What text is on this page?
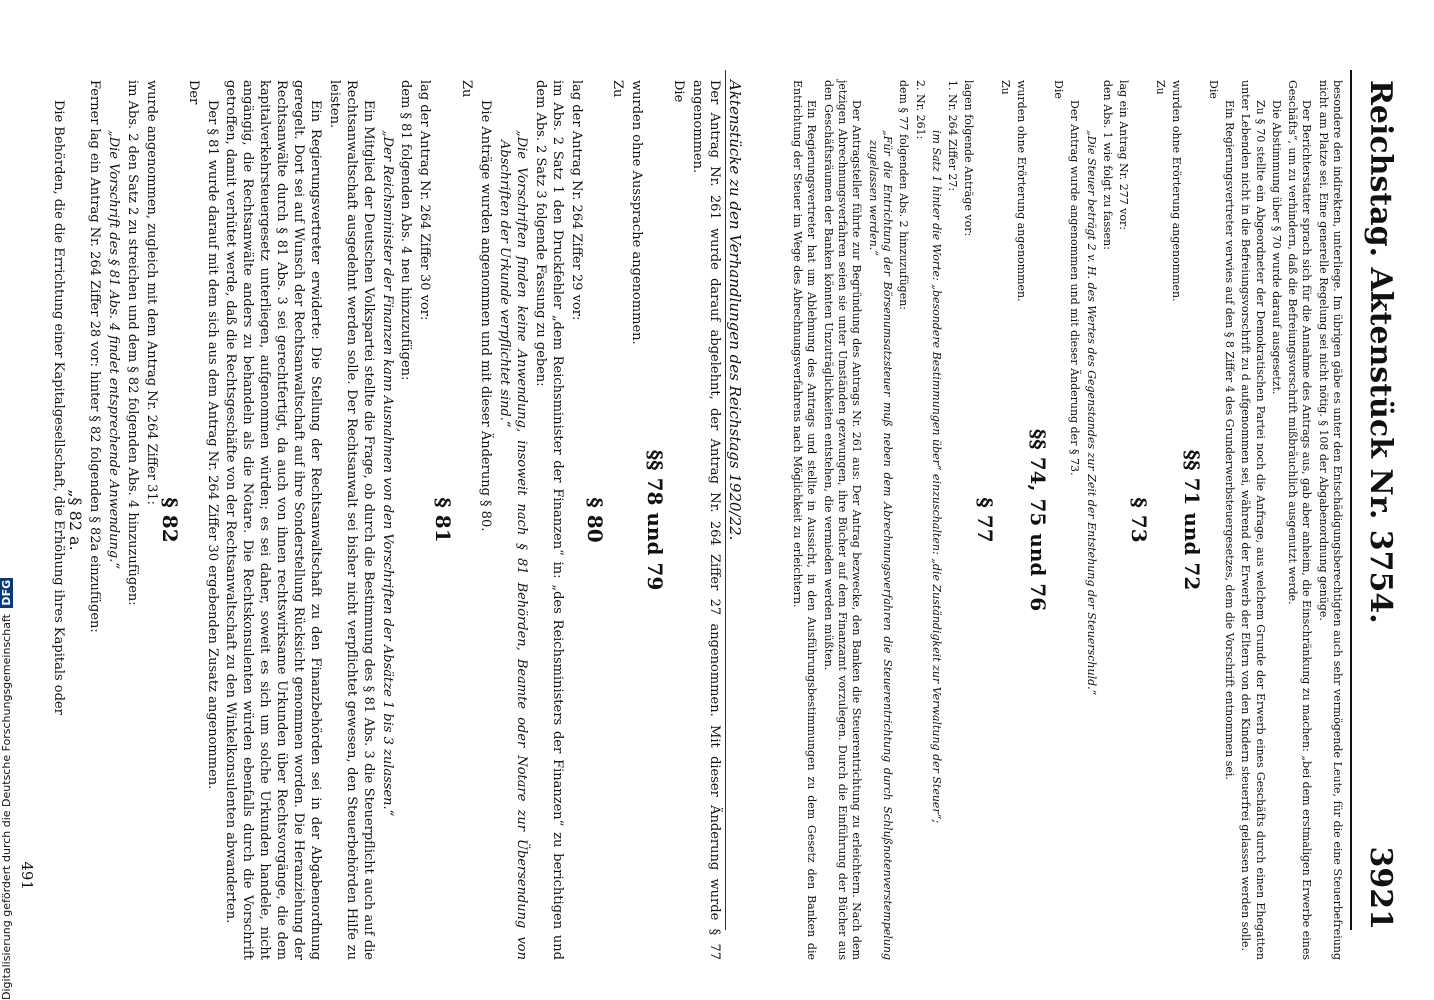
Reichstag. Aktenstück Nr. 3754.
3921

besondere den indirekten, unterliege. Im übrigen gäbe es unter den Entschädigungsberechtigten auch sehr vermögende Leute, für die eine Steuerbefreiung nicht am Platze sei. Eine generelle Regelung sei nicht nötig. § 108 der Abgabenordnung genüge.

Der Berichterstatter sprach sich für die Annahme des Antrags aus, gab aber anheim, die Einschränkung zu machen: „bei dem erstmaligen Erwerbe eines Geschäfts“, um zu verhindern, daß die Befreiungsvorschrift mißbräuchlich ausgenutzt werde.

Die Abstimmung über § 70 wurde darauf ausgesetzt.

Zu § 70 stellte ein Abgeordneter der Demokratischen Partei noch die Anfrage, aus welchem Grunde der Erwerb eines Geschäfts durch einen Ehegatten unter Lebenden nicht in die Befreiungsvorschrift zu d aufgenommen sei, während der Erwerb der Eltern von den Kindern steuerfrei gelassen werden solle.

Ein Regierungsvertreter verwies auf den § 8 Ziffer 4 des Grunderwerbsteuergesetzes, dem die Vorschrift entnommen sei.

Die

§§ 71 und 72

wurden ohne Erörterung angenommen.

Zu

§ 73

lag ein Antrag Nr. 277 vor:

den Abs. 1 wie folgt zu fassen:

„Die Steuer beträgt 2 v. H. des Wertes des Gegenstandes zur Zeit der Entstehung der Steuerschuld.“

Der Antrag wurde angenommen und mit dieser Änderung der § 73.

Die

§§ 74, 75 und 76

wurden ohne Erörterung angenommen.

Zu

§ 77

lagen folgende Anträge vor:

1. Nr. 264 Ziffer 27:

im Satz 1 hinter die Worte: „besondere Bestimmungen über“ einzuschalten: „die Zuständigkeit zur Verwaltung der Steuer“;

2. Nr. 261:

dem § 77 folgenden Abs. 2 hinzuzufügen:

„Für die Entrichtung der Börsenumsatzsteuer muß neben dem Abrechnungsverfahren die Steuerentrichtung durch Schlußnotenverstempelung zugelassen werden.“

Der Antragsteller führte zur Begründung des Antrags Nr. 261 aus: Der Antrag bezwecke, den Banken die Steuerentrichtung zu erleichtern. Nach dem jetzigen Abrechnungsverfahren seien sie unter Umständen gezwungen, ihre Bücher auf dem Finanzamt vorzulegen. Durch die Einführung der Bücher aus den Geschäftsräumen der Banken könnten Unzuträglichkeiten entstehen, die vermieden werden müßten.

Ein Regierungsvertreter hat um Ablehnung des Antrags und stellte in Aussicht, in den Ausführungsbestimmungen zu dem Gesetz den Banken die Entrichtung der Steuer im Wege des Abrechnungsverfahrens nach Möglichkeit zu erleichtern.

Aktenstücke zu den Verhandlungen des Reichstags 1920/22.

Der Antrag Nr. 261 wurde darauf abgelehnt, der Antrag Nr. 264 Ziffer 27 angenommen. Mit dieser Änderung wurde § 77 angenommen.

Die

§§ 78 und 79

wurden ohne Aussprache angenommen.

Zu

§ 80

lag der Antrag Nr. 264 Ziffer 29 vor:

im Abs. 2 Satz 1 den Druckfehler „dem Reichsminister der Finanzen“ in: „des Reichsministers der Finanzen“ zu berichtigen und dem Abs. 2 Satz 3 folgende Fassung zu geben:

„Die Vorschriften finden keine Anwendung, insoweit nach § 81 Behörden, Beamte oder Notare zur Übersendung von Abschriften der Urkunde verpflichtet sind.“

Die Anträge wurden angenommen und mit dieser Änderung § 80.

Zu

§ 81

lag der Antrag Nr. 264 Ziffer 30 vor:

dem § 81 folgenden Abs. 4 neu hinzuzufügen:

„Der Reichsminister der Finanzen kann Ausnahmen von den Vorschriften der Absätze 1 bis 3 zulassen.“

Ein Mitglied der Deutschen Volkspartei stellte die Frage, ob durch die Bestimmung des § 81 Abs. 3 die Steuerpflicht auch auf die Rechtsanwaltschaft ausgedehnt werden solle. Der Rechtsanwalt sei bisher nicht verpflichtet gewesen, den Steuerbehörden Hilfe zu leisten.

Ein Regierungsvertreter erwiderte: Die Stellung der Rechtsanwaltschaft zu den Finanzbehörden sei in der Abgabenordnung geregelt. Dort sei auf Wunsch der Rechtsanwaltschaft auf ihre Sonderstellung Rücksicht genommen worden. Die Heranziehung der Rechtsanwälte durch § 81 Abs. 3 sei gerechtfertigt, da auch von ihnen rechtswirksame Urkunden über Rechtsvorgänge, die dem kapitalverkehrsteuergesetz unterliegen, aufgenommen würden; es sei daher, soweit es sich um solche Urkunden handele, nicht angängig, die Rechtsanwälte anders zu behandeln als die Notare. Die Rechtskonsulenten würden ebenfalls durch die Vorschrift getroffen, damit verhütet werde, daß die Rechtsgeschäfte von der Rechtsanwaltschaft zu den Winkelkonsulenten abwanderten.

Der § 81 wurde darauf mit dem sich aus dem Antrag Nr. 264 Ziffer 30 ergebenden Zusatz angenommen.

Der

§ 82

wurde angenommen, zugleich mit dem Antrag Nr. 264 Ziffer 31:

im Abs. 2 den Satz 2 zu streichen und dem § 82 folgenden Abs. 4 hinzuzufügen:

„Die Vorschrift des § 81 Abs. 4 findet entsprechende Anwendung.“

Ferner lag ein Antrag Nr. 264 Ziffer 28 vor: hinter § 82 folgenden § 82a einzufügen:

„§ 82 a.

Die Behörden, die die Errichtung einer Kapitalgesellschaft, die Erhöhung ihres Kapitals oder

491
Digitalisierung gefördert durch die Deutsche Forschungsgemeinschaft DFG
